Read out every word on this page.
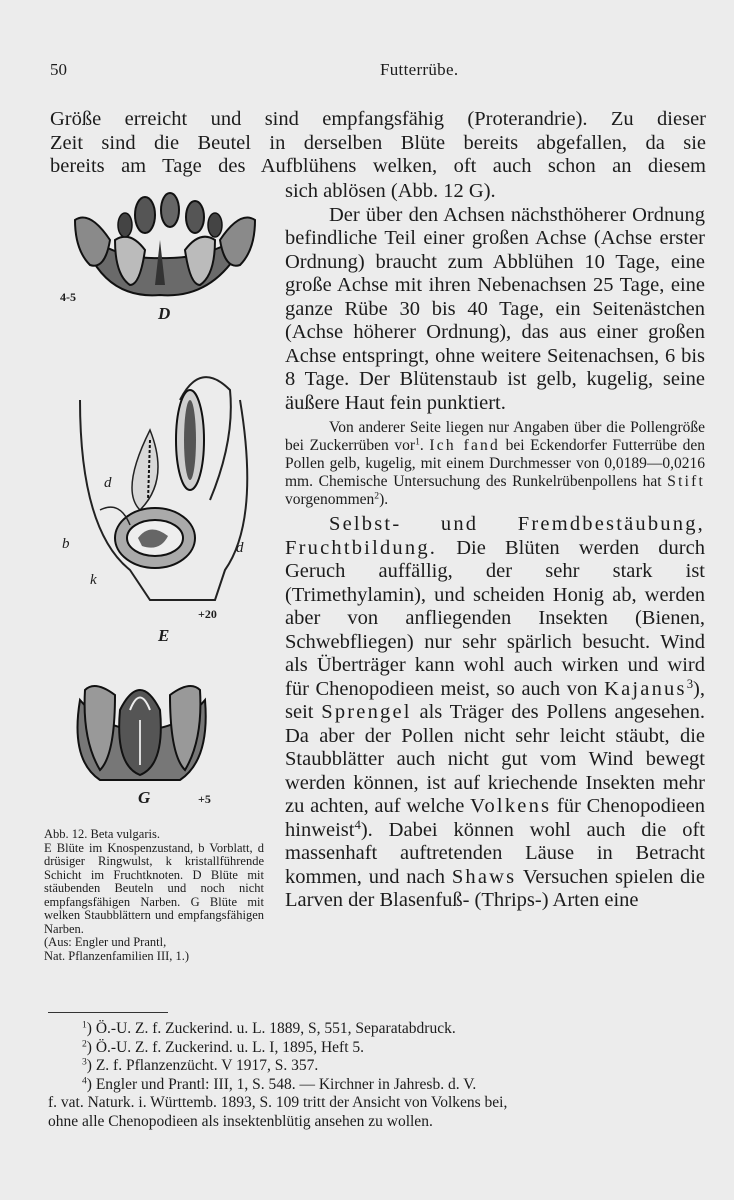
50	Futterrübe.
Größe erreicht und sind empfangsfähig (Proterandrie). Zu dieser
Zeit sind die Beutel in derselben Blüte bereits abgefallen, da sie
bereits am Tage des Aufblühens welken, oft auch schon an diesem
4-5
D
d
b	d
k
+20
E
G	+5

sich ablösen (Abb. 12 G).

Der über den Achsen nächsthöherer Ordnung befindliche Teil einer großen Achse (Achse erster Ordnung) braucht zum Abblühen 10 Tage, eine große Achse mit ihren Nebenachsen 25 Tage, eine ganze Rübe 30 bis 40 Tage, ein Seitenästchen (Achse höherer Ordnung), das aus einer großen Achse entspringt, ohne weitere Seitenachsen, 6 bis 8 Tage. Der Blütenstaub ist gelb, kugelig, seine äußere Haut fein punktiert.

Von anderer Seite liegen nur Angaben über die Pollengröße bei Zuckerrüben vor$^1$. Ich fand bei Eckendorfer Futterrübe den Pollen gelb, kugelig, mit einem Durchmesser von 0,0189—0,0216 mm. Chemische Untersuchung des Runkelrübenpollens hat Stift vorgenommen$^2$).

Selbst- und Fremdbestäubung, Fruchtbildung. Die Blüten werden durch Geruch auffällig, der sehr stark ist (Trimethylamin), und scheiden Honig ab, werden aber von anfliegenden Insekten (Bienen, Schwebfliegen) nur sehr spärlich besucht. Wind als Überträger kann wohl auch wirken und wird für Chenopodieen meist, so auch von Kajanus$^3$), seit Sprengel als Träger des Pollens angesehen. Da aber der Pollen nicht sehr leicht stäubt, die Staubblätter auch nicht gut vom Wind bewegt werden können, ist auf kriechende Insekten mehr zu achten, auf welche Volkens für Chenopodieen hinweist$^4$). Dabei können wohl auch die oft massenhaft auftretenden Läuse in Betracht kommen, und nach Shaws Versuchen spielen die Larven der Blasenfuß- (Thrips-) Arten eine

Abb. 12. Beta vulgaris.

E Blüte im Knospenzustand, b Vorblatt, d drüsiger Ringwulst, k kristallführende Schicht im Fruchtknoten. D Blüte mit stäubenden Beuteln und noch nicht empfangsfähigen Narben. G Blüte mit welken Staubblättern und empfangsfähigen Narben.

(Aus: Engler und Prantl,

Nat. Pflanzenfamilien III, 1.)

$^1$) Ö.-U. Z. f. Zuckerind. u. L. 1889, S, 551, Separatabdruck.

$^2$) Ö.-U. Z. f. Zuckerind. u. L. I, 1895, Heft 5.

$^3$) Z. f. Pflanzenzücht. V 1917, S. 357.

$^4$) Engler und Prantl: III, 1, S. 548. — Kirchner in Jahresb. d. V.

f. vat. Naturk. i. Württemb. 1893, S. 109 tritt der Ansicht von Volkens bei,

ohne alle Chenopodieen als insektenblütig ansehen zu wollen.
